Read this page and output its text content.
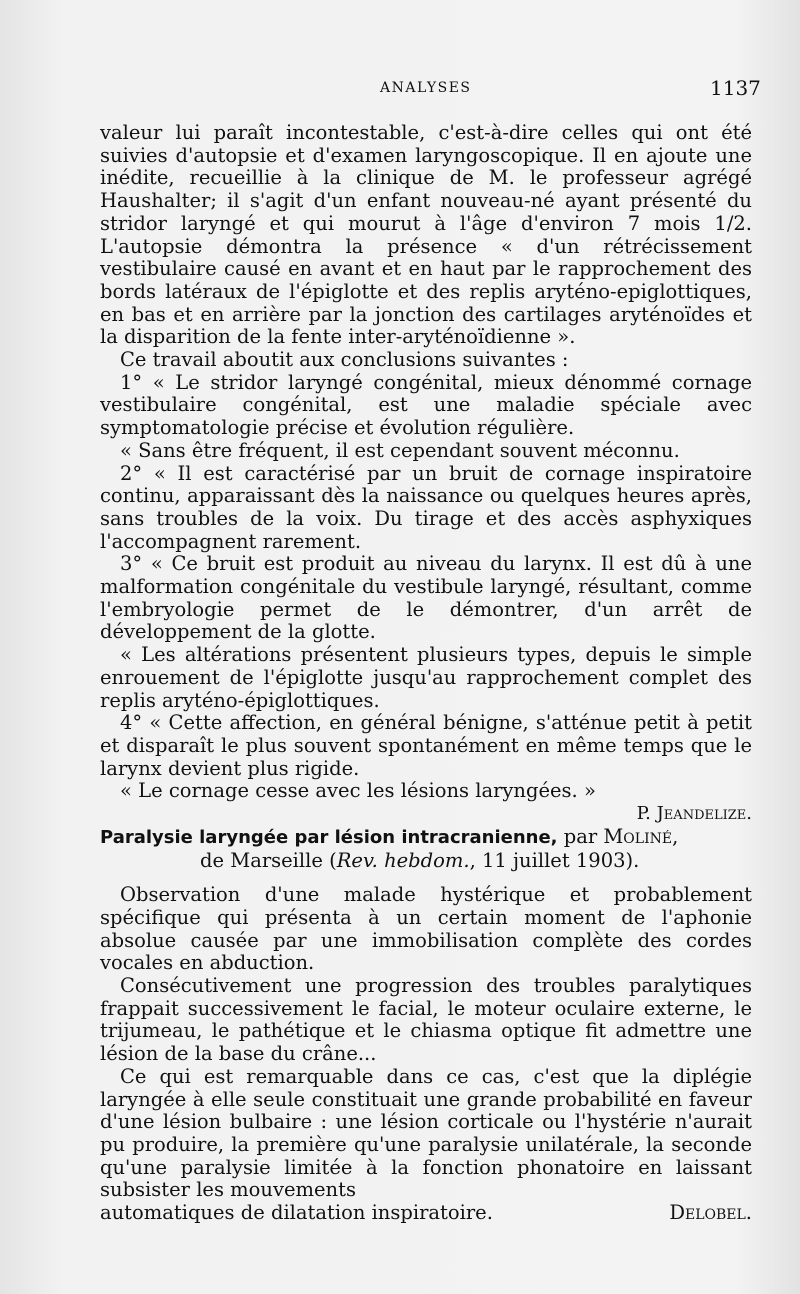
ANALYSES	1137

valeur lui paraît incontestable, c'est-à-dire celles qui ont été suivies d'autopsie et d'examen laryngoscopique. Il en ajoute une inédite, recueillie à la clinique de M. le professeur agrégé Haushalter; il s'agit d'un enfant nouveau-né ayant présenté du stridor laryngé et qui mourut à l'âge d'environ 7 mois 1/2. L'autopsie démontra la présence « d'un rétrécissement vestibulaire causé en avant et en haut par le rapprochement des bords latéraux de l'épiglotte et des replis aryténo-epiglottiques, en bas et en arrière par la jonction des cartilages aryténoïdes et la disparition de la fente inter-aryténoïdienne ».

Ce travail aboutit aux conclusions suivantes :

1° « Le stridor laryngé congénital, mieux dénommé cornage vestibulaire congénital, est une maladie spéciale avec symptomatologie précise et évolution régulière.

« Sans être fréquent, il est cependant souvent méconnu.

2° « Il est caractérisé par un bruit de cornage inspiratoire continu, apparaissant dès la naissance ou quelques heures après, sans troubles de la voix. Du tirage et des accès asphyxiques l'accompagnent rarement.

3° « Ce bruit est produit au niveau du larynx. Il est dû à une malformation congénitale du vestibule laryngé, résultant, comme l'embryologie permet de le démontrer, d'un arrêt de développement de la glotte.

« Les altérations présentent plusieurs types, depuis le simple enrouement de l'épiglotte jusqu'au rapprochement complet des replis aryténo-épiglottiques.

4° « Cette affection, en général bénigne, s'atténue petit à petit et disparaît le plus souvent spontanément en même temps que le larynx devient plus rigide.

« Le cornage cesse avec les lésions laryngées. »

P. Jeandelize.

Paralysie laryngée par lésion intracranienne, par Moliné,
de Marseille (Rev. hebdom., 11 juillet 1903).

Observation d'une malade hystérique et probablement spécifique qui présenta à un certain moment de l'aphonie absolue causée par une immobilisation complète des cordes vocales en abduction.

Consécutivement une progression des troubles paralytiques frappait successivement le facial, le moteur oculaire externe, le trijumeau, le pathétique et le chiasma optique fit admettre une lésion de la base du crâne...

Ce qui est remarquable dans ce cas, c'est que la diplégie laryngée à elle seule constituait une grande probabilité en faveur d'une lésion bulbaire : une lésion corticale ou l'hystérie n'aurait pu produire, la première qu'une paralysie unilatérale, la seconde qu'une paralysie limitée à la fonction phonatoire en laissant subsister les mouvements

automatiques de dilatation inspiratoire.	Delobel.
